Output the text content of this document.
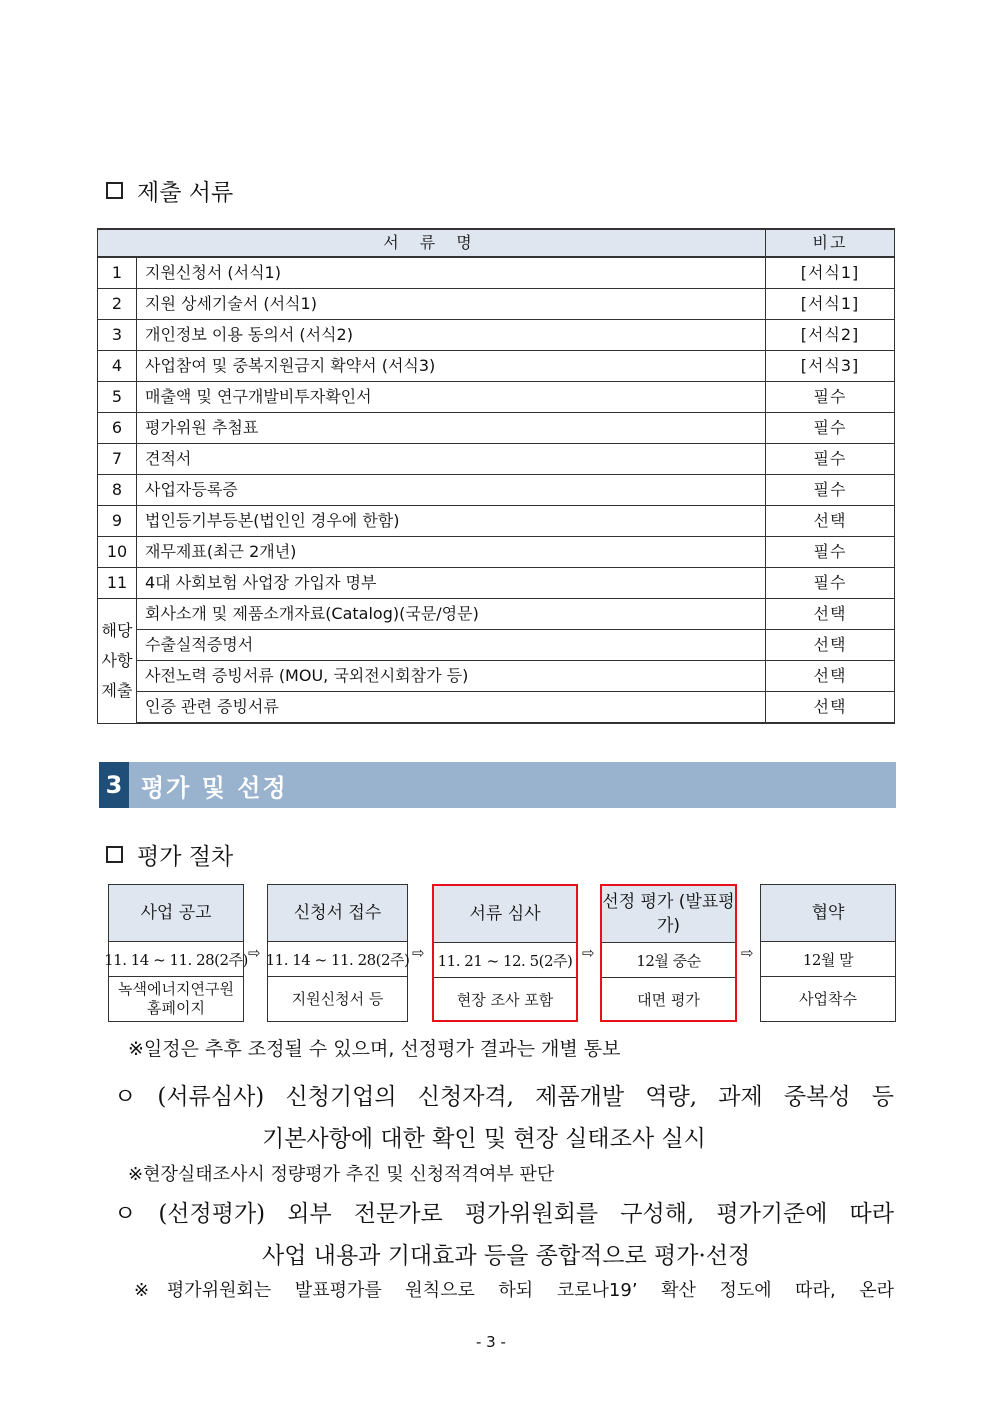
제출 서류
서 류 명		비고
1	지원신청서 (서식1)	[서식1]
2	지원 상세기술서 (서식1)	[서식1]
3	개인정보 이용 동의서 (서식2)	[서식2]
4	사업참여 및 중복지원금지 확약서 (서식3)	[서식3]
5	매출액 및 연구개발비투자확인서	필수
6	평가위원 추첨표	필수
7	견적서	필수
8	사업자등록증	필수
9	법인등기부등본(법인인 경우에 한함)	선택
10	재무제표(최근 2개년)	필수
11	4대 사회보험 사업장 가입자 명부	필수

해당
사항
제출	회사소개 및 제품소개자료(Catalog)(국문/영문)	선택
	수출실적증명서	선택
	사전노력 증빙서류 (MOU, 국외전시회참가 등)	선택
	인증 관련 증빙서류	선택
3 평가 및 선정
평가 절차
사업 공고
11. 14 ~ 11. 28(2주)
녹색에너지연구원 홈페이지
⇨
신청서 접수
11. 14 ~ 11. 28(2주)
지원신청서 등
⇨
서류 심사
11. 21 ~ 12. 5(2주)
현장 조사 포함
⇨
선정 평가 (발표평가)
12월 중순
대면 평가
⇨
협약
12월 말
사업착수
※일정은 추후 조정될 수 있으며, 선정평가 결과는 개별 통보
ㅇ (서류심사) 신청기업의 신청자격, 제품개발 역량, 과제 중복성 등
기본사항에 대한 확인 및 현장 실태조사 실시
※현장실태조사시 정량평가 추진 및 신청적격여부 판단
ㅇ (선정평가) 외부 전문가로 평가위원회를 구성해, 평가기준에 따라
사업 내용과 기대효과 등을 종합적으로 평가·선정
※평가위원회는 발표평가를 원칙으로 하되 코로나19’ 확산 정도에 따라, 온라
- 3 -
